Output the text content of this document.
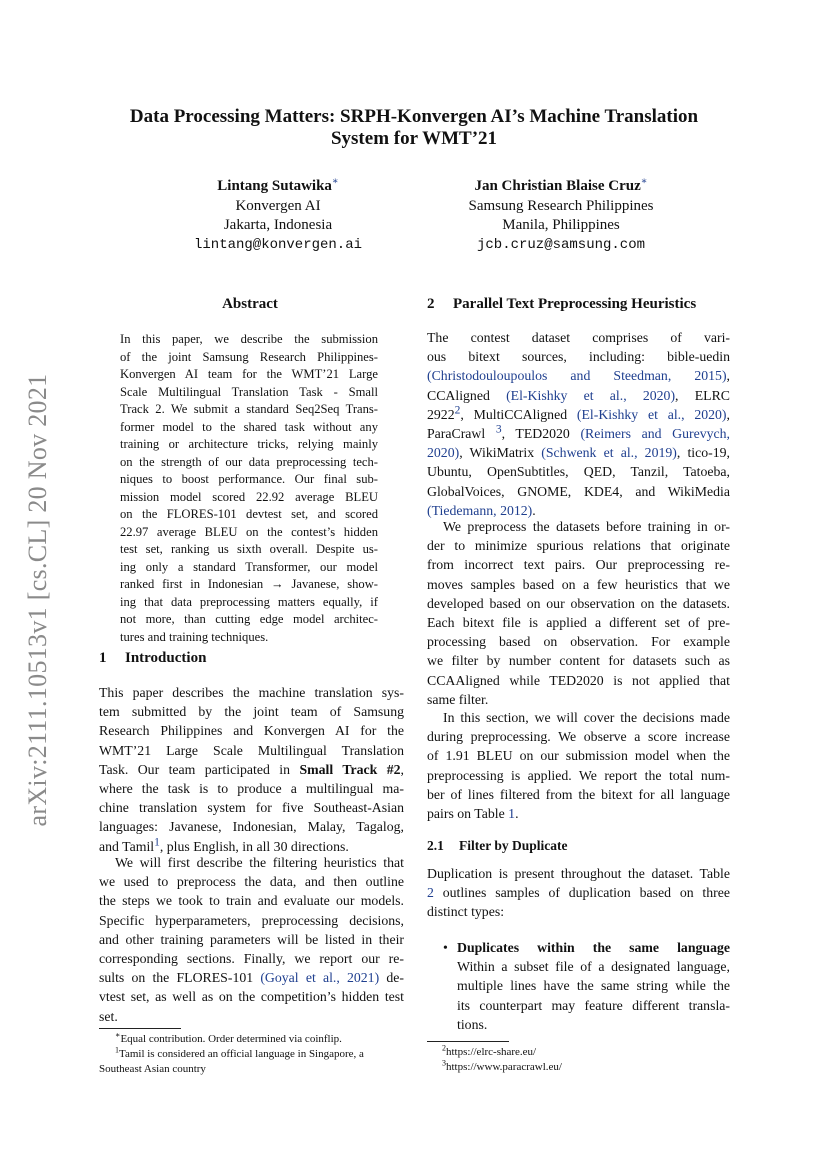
arXiv:2111.10513v1 [cs.CL] 20 Nov 2021
Data Processing Matters: SRPH-Konvergen AI’s Machine Translation
System for WMT’21
Lintang Sutawika∗
Konvergen AI
Jakarta, Indonesia
lintang@konvergen.ai
Jan Christian Blaise Cruz∗
Samsung Research Philippines
Manila, Philippines
jcb.cruz@samsung.com
Abstract
In this paper, we describe the submission
of the joint Samsung Research Philippines-
Konvergen AI team for the WMT’21 Large
Scale Multilingual Translation Task - Small
Track 2. We submit a standard Seq2Seq Trans-
former model to the shared task without any
training or architecture tricks, relying mainly
on the strength of our data preprocessing tech-
niques to boost performance. Our final sub-
mission model scored 22.92 average BLEU
on the FLORES-101 devtest set, and scored
22.97 average BLEU on the contest’s hidden
test set, ranking us sixth overall. Despite us-
ing only a standard Transformer, our model
ranked first in Indonesian → Javanese, show-
ing that data preprocessing matters equally, if
not more, than cutting edge model architec-
tures and training techniques.
1 Introduction
This paper describes the machine translation sys-
tem submitted by the joint team of Samsung
Research Philippines and Konvergen AI for the
WMT’21 Large Scale Multilingual Translation
Task. Our team participated in Small Track #2,
where the task is to produce a multilingual ma-
chine translation system for five Southeast-Asian
languages: Javanese, Indonesian, Malay, Tagalog,
and Tamil$^1$, plus English, in all 30 directions.
We will first describe the filtering heuristics that
we used to preprocess the data, and then outline
the steps we took to train and evaluate our models.
Specific hyperparameters, preprocessing decisions,
and other training parameters will be listed in their
corresponding sections. Finally, we report our re-
sults on the FLORES-101 (Goyal et al., 2021) de-
vtest set, as well as on the competition’s hidden test
set.
∗Equal contribution. Order determined via coinflip.
$^1$Tamil is considered an official language in Singapore, a
Southeast Asian country
2 Parallel Text Preprocessing Heuristics
The contest dataset comprises of vari-
ous bitext sources, including: bible-uedin
(Christodouloupoulos and Steedman, 2015),
CCAligned (El-Kishky et al., 2020), ELRC
2922$^2$, MultiCCAligned (El-Kishky et al., 2020),
ParaCrawl $^3$, TED2020 (Reimers and Gurevych,
2020), WikiMatrix (Schwenk et al., 2019), tico-19,
Ubuntu, OpenSubtitles, QED, Tanzil, Tatoeba,
GlobalVoices, GNOME, KDE4, and WikiMedia
(Tiedemann, 2012).
We preprocess the datasets before training in or-
der to minimize spurious relations that originate
from incorrect text pairs. Our preprocessing re-
moves samples based on a few heuristics that we
developed based on our observation on the datasets.
Each bitext file is applied a different set of pre-
processing based on observation. For example
we filter by number content for datasets such as
CCAAligned while TED2020 is not applied that
same filter.
In this section, we will cover the decisions made
during preprocessing. We observe a score increase
of 1.91 BLEU on our submission model when the
preprocessing is applied. We report the total num-
ber of lines filtered from the bitext for all language
pairs on Table 1.
2.1 Filter by Duplicate
Duplication is present throughout the dataset. Table
2 outlines samples of duplication based on three
distinct types:
• Duplicates within the same language
Within a subset file of a designated language,
multiple lines have the same string while the
its counterpart may feature different transla-
tions.
$^2$https://elrc-share.eu/
$^3$https://www.paracrawl.eu/
